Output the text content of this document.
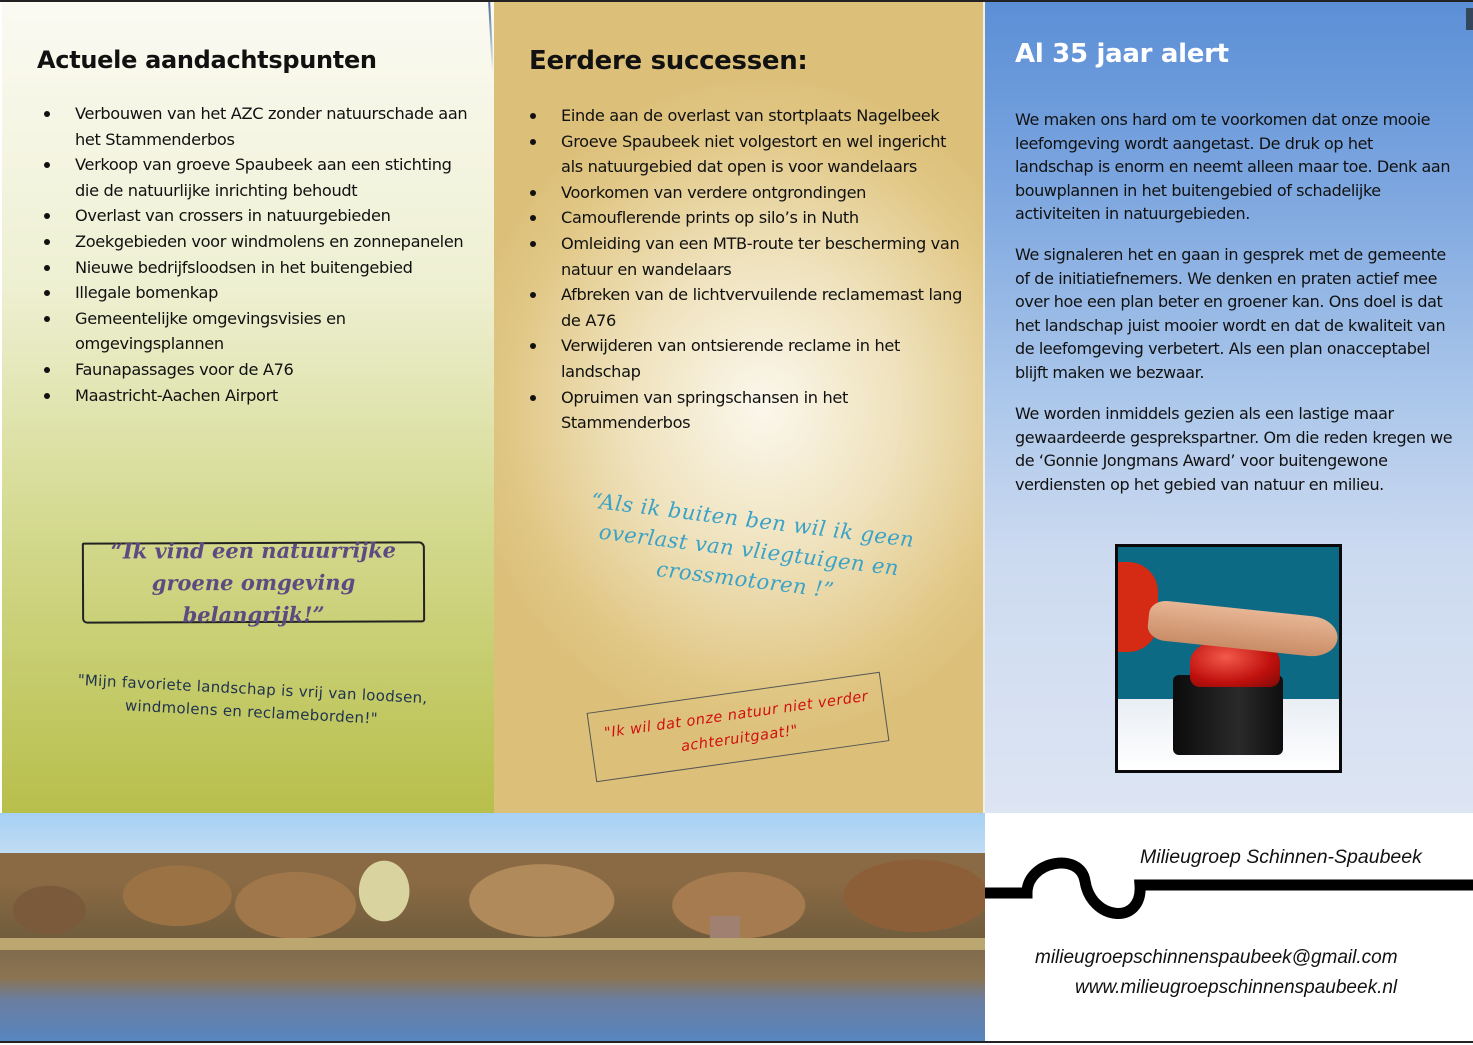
Actuele aandachtspunten
Verbouwen van het AZC zonder natuurschade aan het Stammenderbos
Verkoop van groeve Spaubeek aan een stichting die de natuurlijke inrichting behoudt
Overlast van crossers in natuurgebieden
Zoekgebieden voor windmolens en zonnepanelen
Nieuwe bedrijfsloodsen in het buitengebied
Illegale bomenkap
Gemeentelijke omgevingsvisies en omgevingsplannen
Faunapassages voor de A76
Maastricht-Aachen Airport
“Ik vind een natuurrijke groene omgeving belangrijk!”
"Mijn favoriete landschap is vrij van loodsen, windmolens en reclameborden!"
Eerdere successen:
Einde aan de overlast van stortplaats Nagelbeek
Groeve Spaubeek niet volgestort en wel ingericht als natuurgebied dat open is voor wandelaars
Voorkomen van verdere ontgrondingen
Camouflerende prints op silo’s in Nuth
Omleiding van een MTB-route ter bescherming van natuur en wandelaars
Afbreken van de lichtvervuilende reclamemast lang de A76
Verwijderen van ontsierende reclame in het landschap
Opruimen van springschansen in het Stammenderbos
“Als ik buiten ben wil ik geen overlast van vliegtuigen en crossmotoren !”
"Ik wil dat onze natuur niet verder achteruitgaat!"
Al 35 jaar alert

We maken ons hard om te voorkomen dat onze mooie leefomgeving wordt aangetast. De druk op het landschap is enorm en neemt alleen maar toe. Denk aan bouwplannen in het buitengebied of schadelijke activiteiten in natuurgebieden.

We signaleren het en gaan in gesprek met de gemeente of de initiatiefnemers. We denken en praten actief mee over hoe een plan beter en groener kan. Ons doel is dat het landschap juist mooier wordt en dat de kwaliteit van de leefomgeving verbetert. Als een plan onacceptabel blijft maken we bezwaar.

We worden inmiddels gezien als een lastige maar gewaardeerde gesprekspartner. Om die reden kregen we de ‘Gonnie Jongmans Award’ voor buitengewone verdiensten op het gebied van natuur en milieu.

Milieugroep Schinnen-Spaubeek
milieugroepschinnenspaubeek@gmail.com
www.milieugroepschinnenspaubeek.nl
